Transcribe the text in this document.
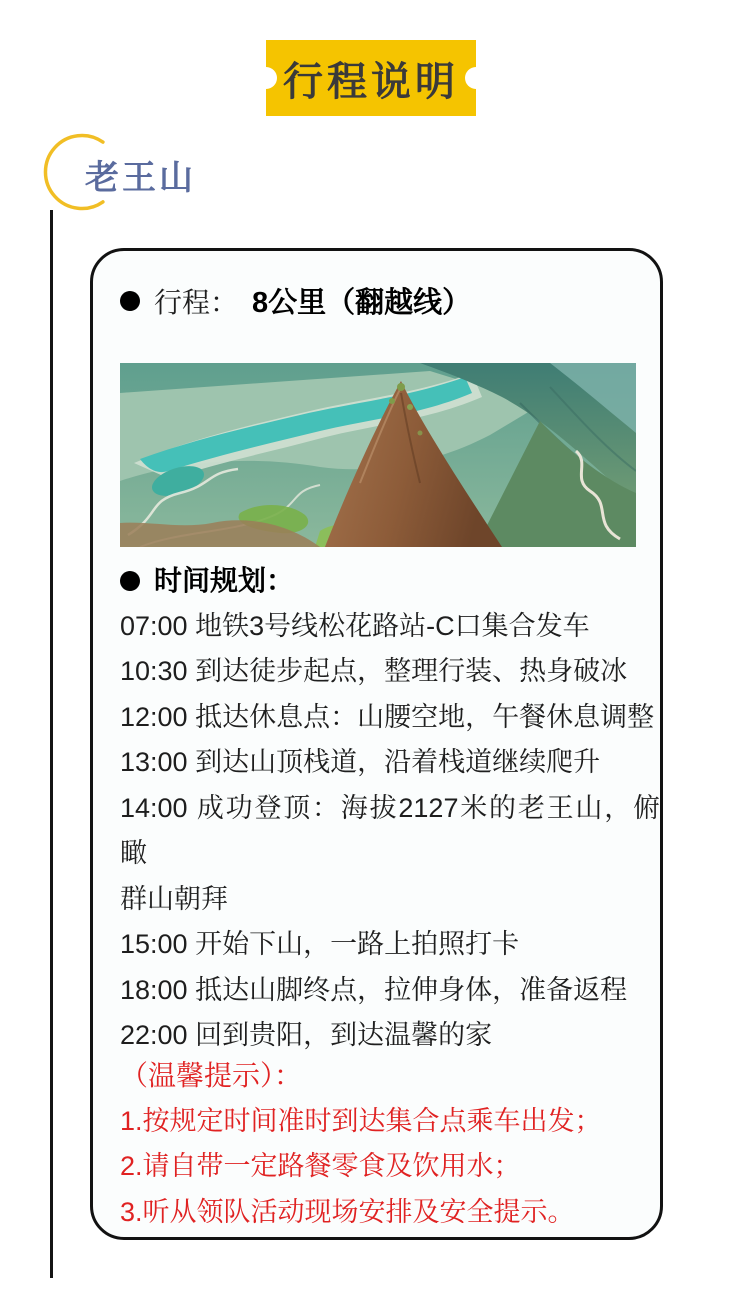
行程说明
老王山
行程： 8公里（翻越线）
时间规划：
07:00 地铁3号线松花路站-C口集合发车
10:30 到达徒步起点，整理行装、热身破冰
12:00 抵达休息点：山腰空地，午餐休息调整
13:00 到达山顶栈道，沿着栈道继续爬升
14:00 成功登顶：海拔2127米的老王山，俯瞰
群山朝拜
15:00 开始下山，一路上拍照打卡
18:00 抵达山脚终点，拉伸身体，准备返程
22:00 回到贵阳，到达温馨的家
（温馨提示）：
1.按规定时间准时到达集合点乘车出发；
2.请自带一定路餐零食及饮用水；
3.听从领队活动现场安排及安全提示。
